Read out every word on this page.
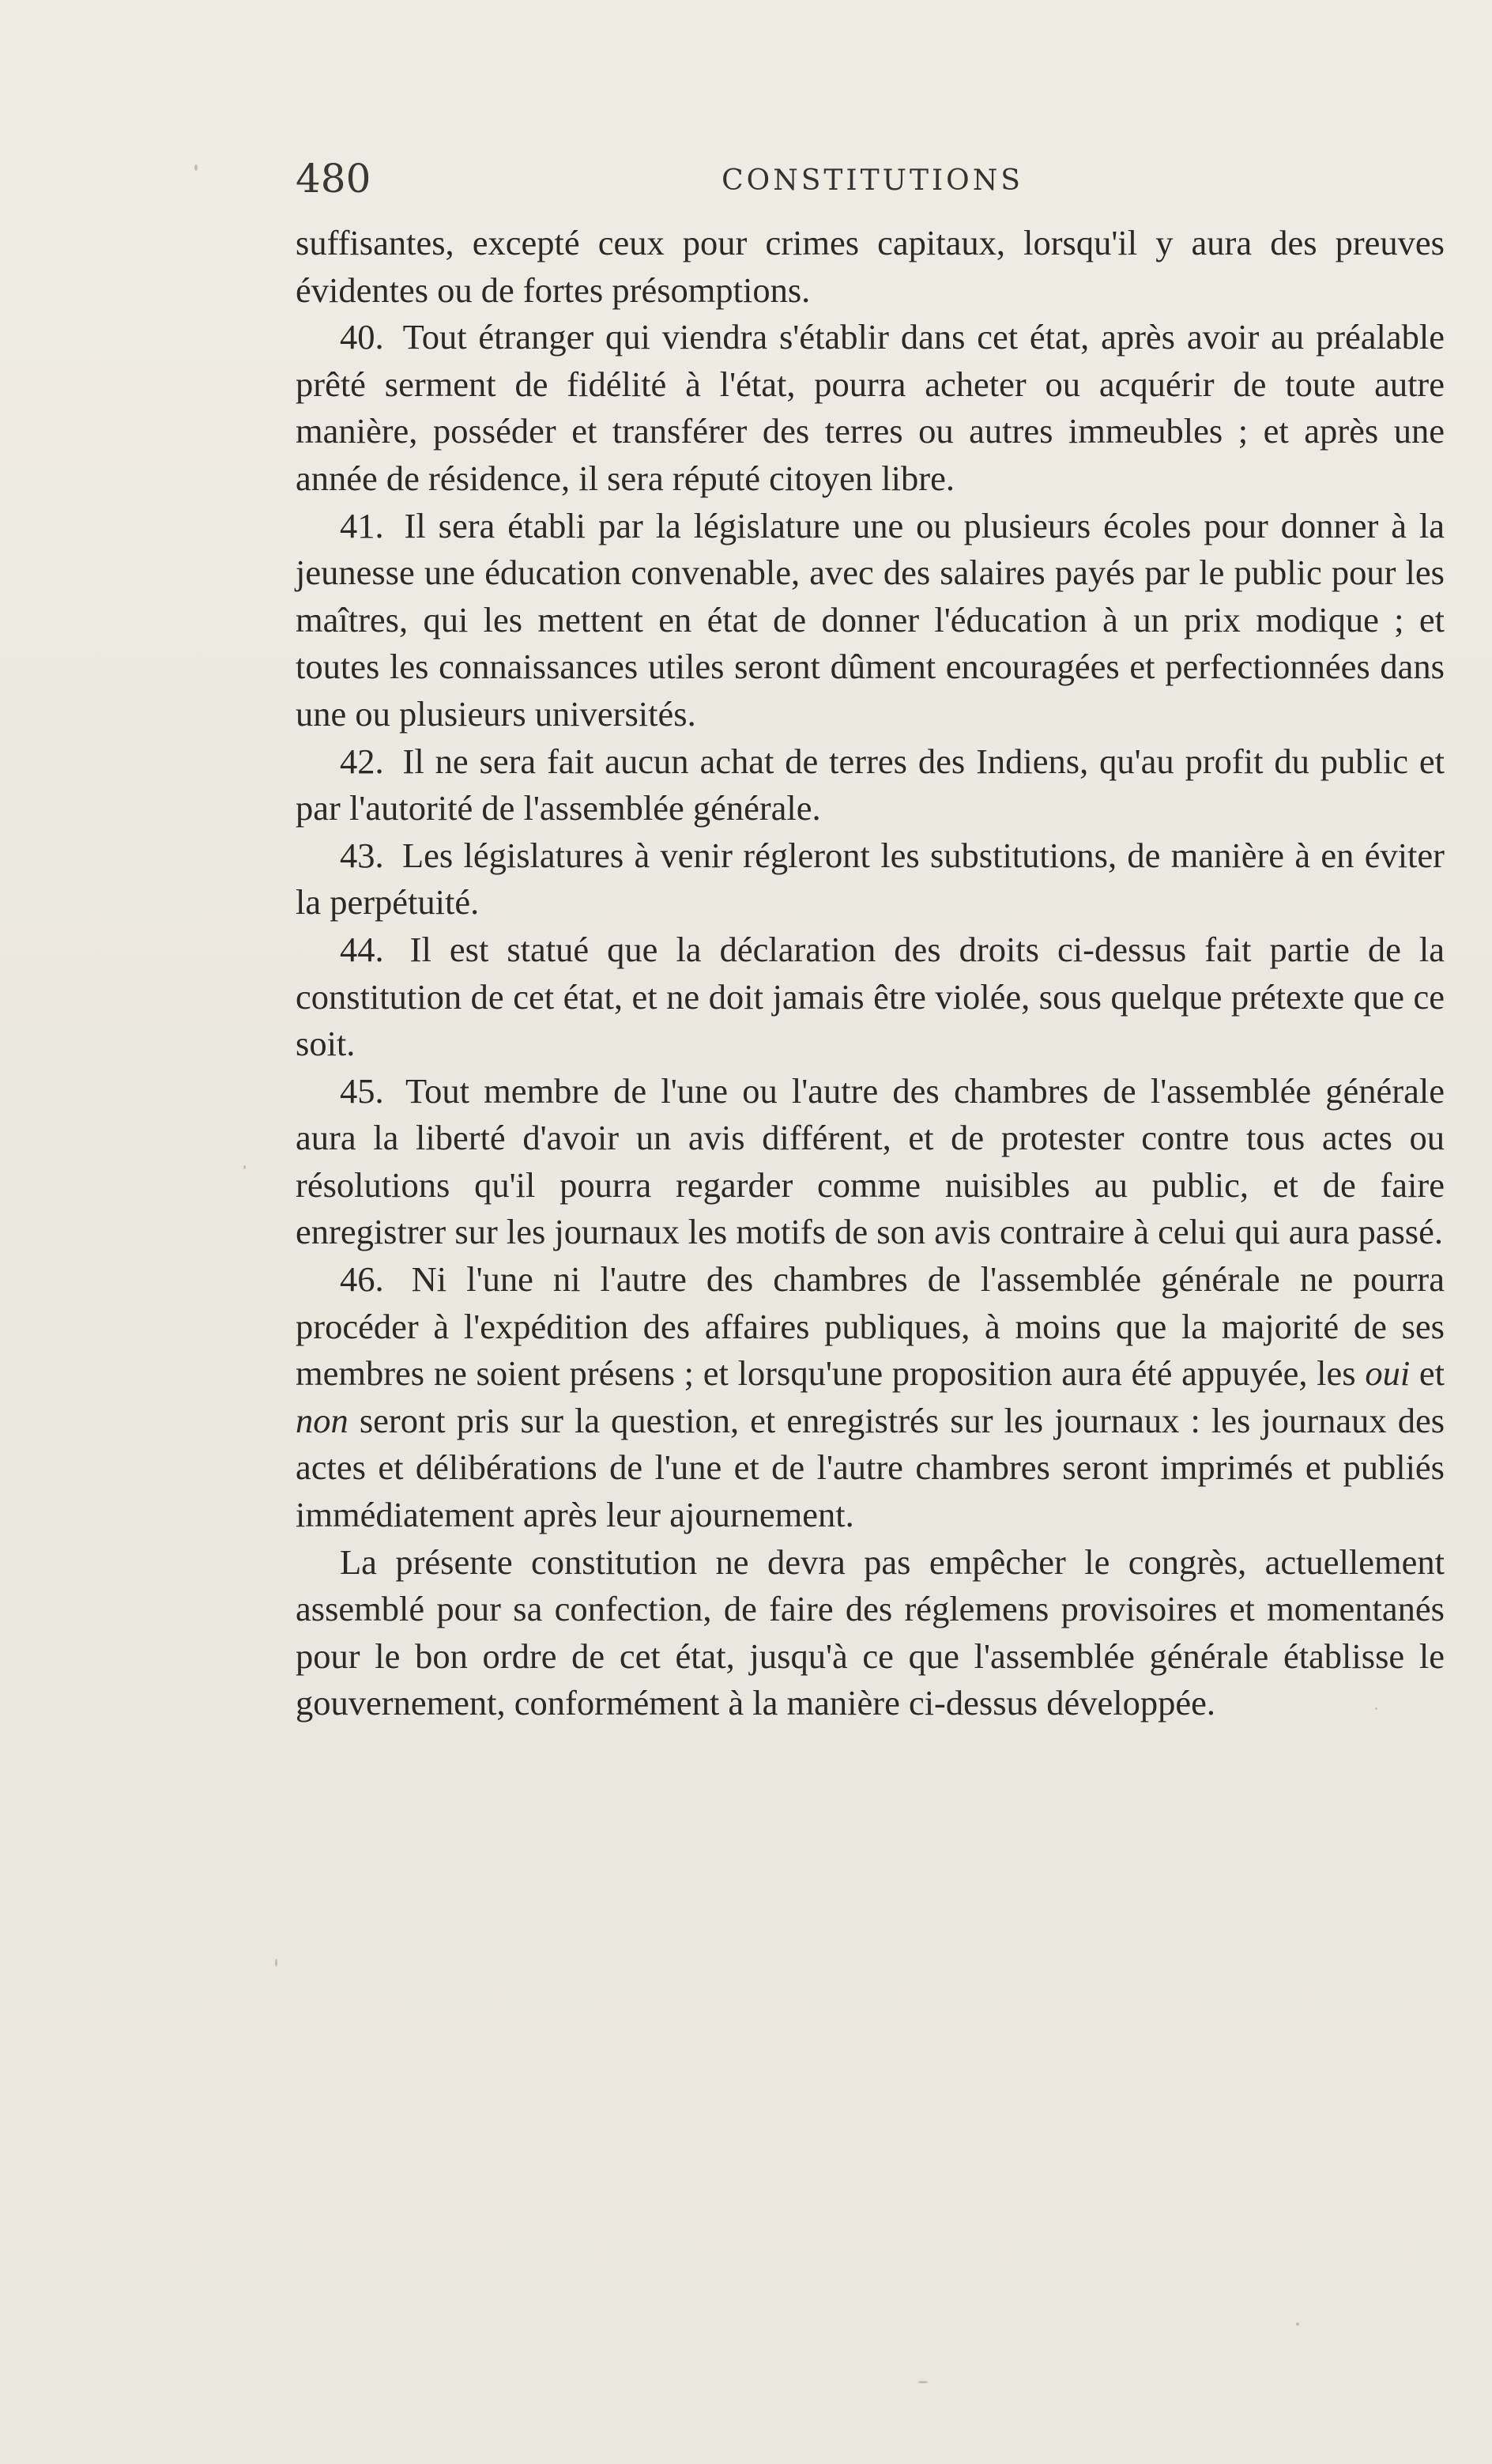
480	CONSTITUTIONS

suffisantes, excepté ceux pour crimes capitaux, lorsqu'il y aura des preuves évidentes ou de fortes présomptions.

40. Tout étranger qui viendra s'établir dans cet état, après avoir au préalable prêté serment de fidélité à l'état, pourra acheter ou acquérir de toute autre manière, posséder et transférer des terres ou autres immeubles ; et après une année de résidence, il sera réputé citoyen libre.

41. Il sera établi par la législature une ou plusieurs écoles pour donner à la jeunesse une éducation convenable, avec des salaires payés par le public pour les maîtres, qui les mettent en état de donner l'éducation à un prix modique ; et toutes les connaissances utiles seront dûment encouragées et perfectionnées dans une ou plusieurs universités.

42. Il ne sera fait aucun achat de terres des Indiens, qu'au profit du public et par l'autorité de l'assemblée générale.

43. Les législatures à venir régleront les substitutions, de manière à en éviter la perpétuité.

44. Il est statué que la déclaration des droits ci-dessus fait partie de la constitution de cet état, et ne doit jamais être violée, sous quelque prétexte que ce soit.

45. Tout membre de l'une ou l'autre des chambres de l'assemblée générale aura la liberté d'avoir un avis différent, et de protester contre tous actes ou résolutions qu'il pourra regarder comme nuisibles au public, et de faire enregistrer sur les journaux les motifs de son avis contraire à celui qui aura passé.

46. Ni l'une ni l'autre des chambres de l'assemblée générale ne pourra procéder à l'expédition des affaires publiques, à moins que la majorité de ses membres ne soient présens ; et lorsqu'une proposition aura été appuyée, les oui et non seront pris sur la question, et enregistrés sur les journaux : les journaux des actes et délibérations de l'une et de l'autre chambres seront imprimés et publiés immédiatement après leur ajournement.

La présente constitution ne devra pas empêcher le congrès, actuellement assemblé pour sa confection, de faire des réglemens provisoires et momentanés pour le bon ordre de cet état, jusqu'à ce que l'assemblée générale établisse le gouvernement, conformément à la manière ci-dessus développée.
